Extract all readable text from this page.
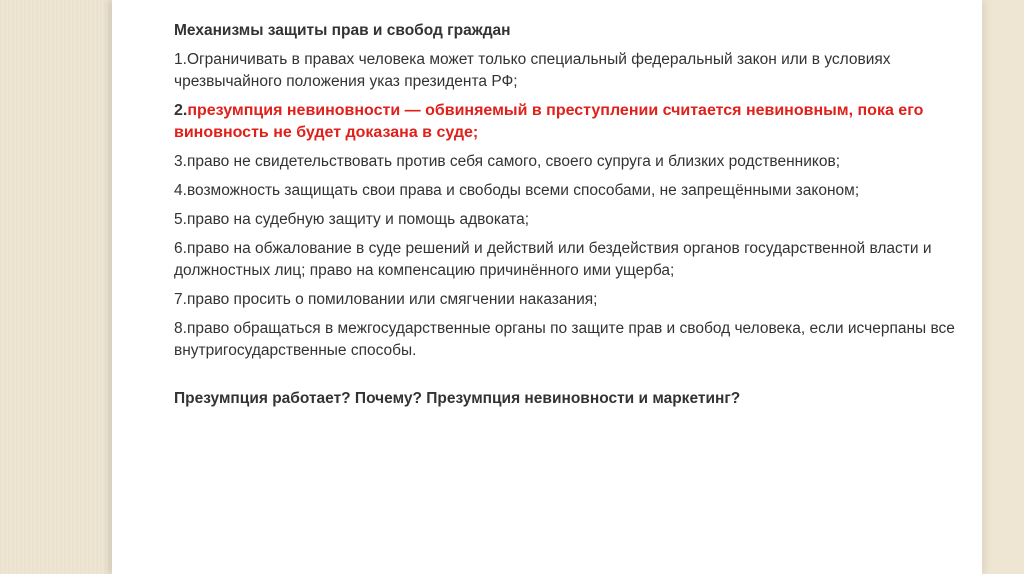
Механизмы защиты прав и свобод граждан
1.Ограничивать в правах человека может только специальный федеральный закон или в условиях чрезвычайного положения указ президента РФ;
2.презумпция невиновности — обвиняемый в преступлении считается невиновным, пока его виновность не будет доказана в суде;
3.право не свидетельствовать против себя самого, своего супруга и близких родственников;
4.возможность защищать свои права и свободы всеми способами, не запрещёнными законом;
5.право на судебную защиту и помощь адвоката;
6.право на обжалование в суде решений и действий или бездействия органов государственной власти и должностных лиц; право на компенсацию причинённого ими ущерба;
7.право просить о помиловании или смягчении наказания;
8.право обращаться в межгосударственные органы по защите прав и свобод человека, если исчерпаны все внутригосударственные способы.
Презумпция работает? Почему? Презумпция невиновности и маркетинг?
